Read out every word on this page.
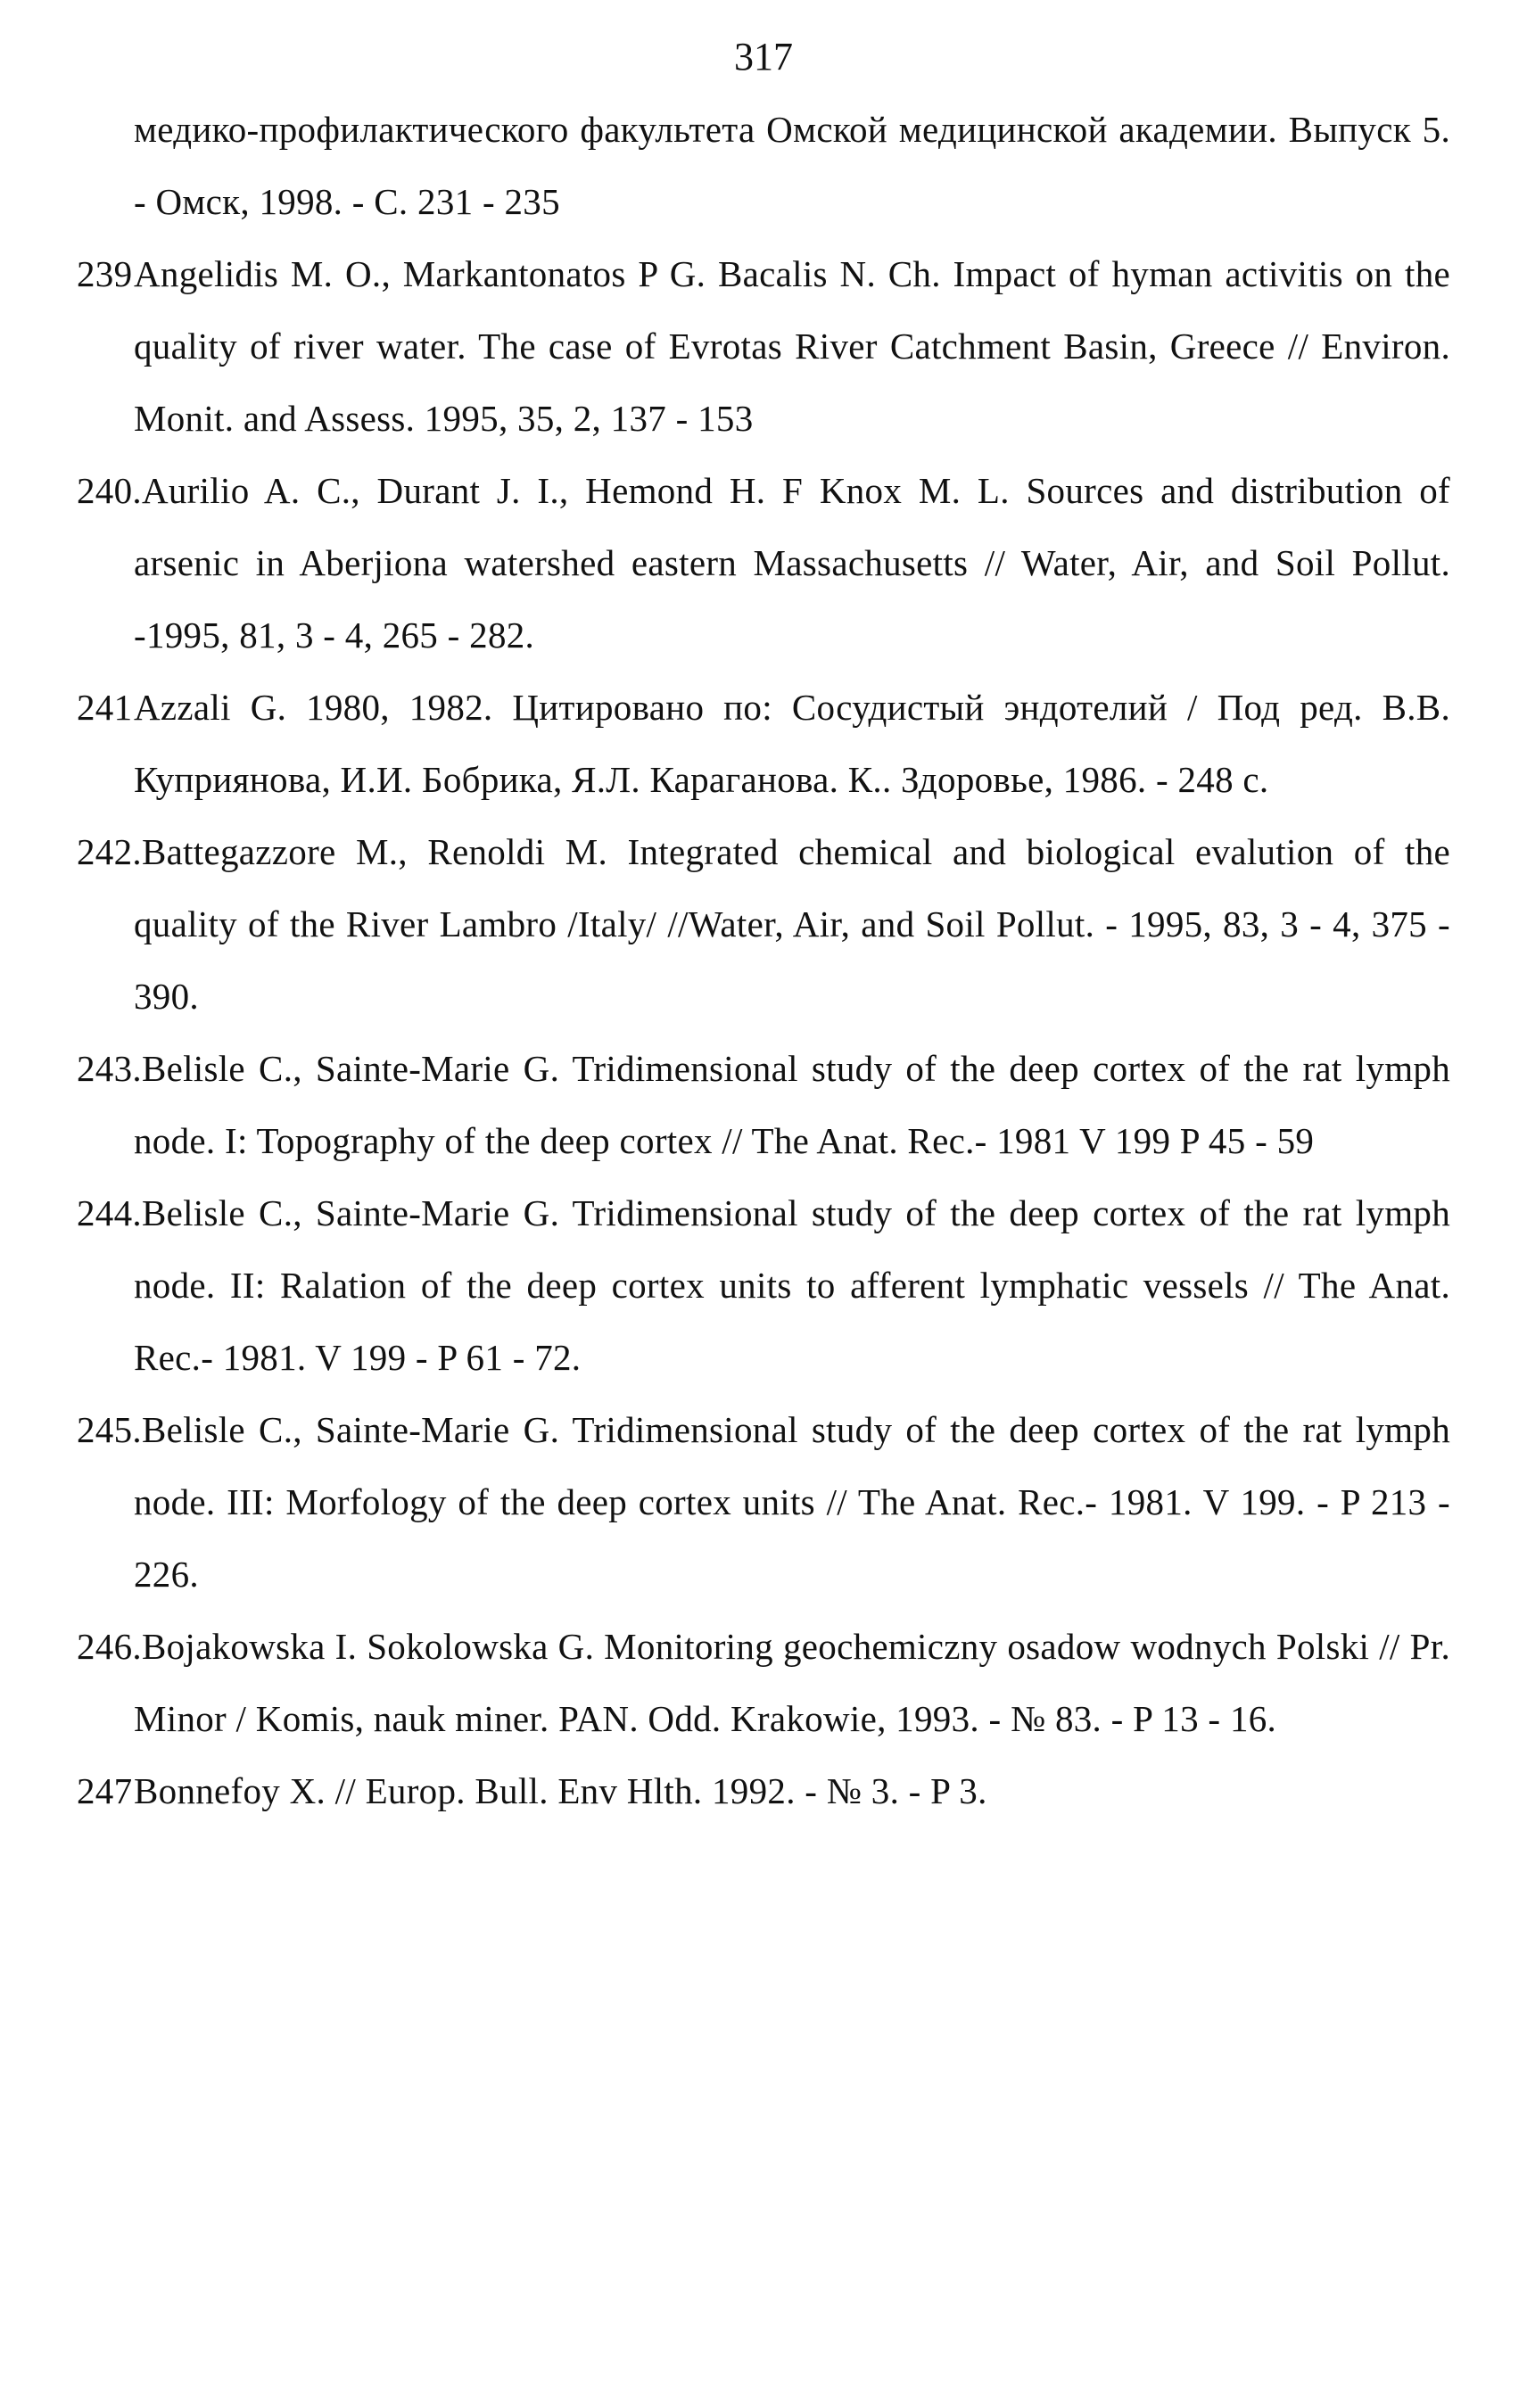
317

медико-профилактического факультета Омской медицинской академии. Выпуск 5. - Омск, 1998. - С. 231 - 235

239Angelidis M. O., Markantonatos P G. Bacalis N. Ch. Impact of hyman activitis on the quality of river water. The case of Evrotas River Catchment Basin, Greece // Environ. Monit. and Assess. 1995, 35, 2, 137 - 153

240.Aurilio A. C., Durant J. I., Hemond H. F Knox M. L. Sources and distribution of arsenic in Aberjiona watershed eastern Massachusetts // Water, Air, and Soil Pollut. -1995, 81, 3 - 4, 265 - 282.

241Azzali G. 1980, 1982. Цитировано по: Сосудистый эндотелий / Под ред. В.В. Куприянова, И.И. Бобрика, Я.Л. Караганова. К.. Здоровье, 1986. - 248 с.

242.Battegazzore M., Renoldi M. Integrated chemical and biological evalution of the quality of the River Lambro /Italy/ //Water, Air, and Soil Pollut. - 1995, 83, 3 - 4, 375 - 390.

243.Belisle C., Sainte-Marie G. Tridimensional study of the deep cortex of the rat lymph node. I: Topography of the deep cortex // The Anat. Rec.- 1981 V 199 P 45 - 59

244.Belisle C., Sainte-Marie G. Tridimensional study of the deep cortex of the rat lymph node. II: Ralation of the deep cortex units to afferent lymphatic vessels // The Anat. Rec.- 1981. V 199 - P 61 - 72.

245.Belisle C., Sainte-Marie G. Tridimensional study of the deep cortex of the rat lymph node. III: Morfology of the deep cortex units // The Anat. Rec.- 1981. V 199. - P 213 - 226.

246.Bojakowska I. Sokolowska G. Monitoring geochemiczny osadow wodnych Polski // Pr. Minor / Komis, nauk miner. PAN. Odd. Krakowie, 1993. - № 83. - P 13 - 16.

247Bonnefoy X. // Europ. Bull. Env Hlth. 1992. - № 3. - P 3.
